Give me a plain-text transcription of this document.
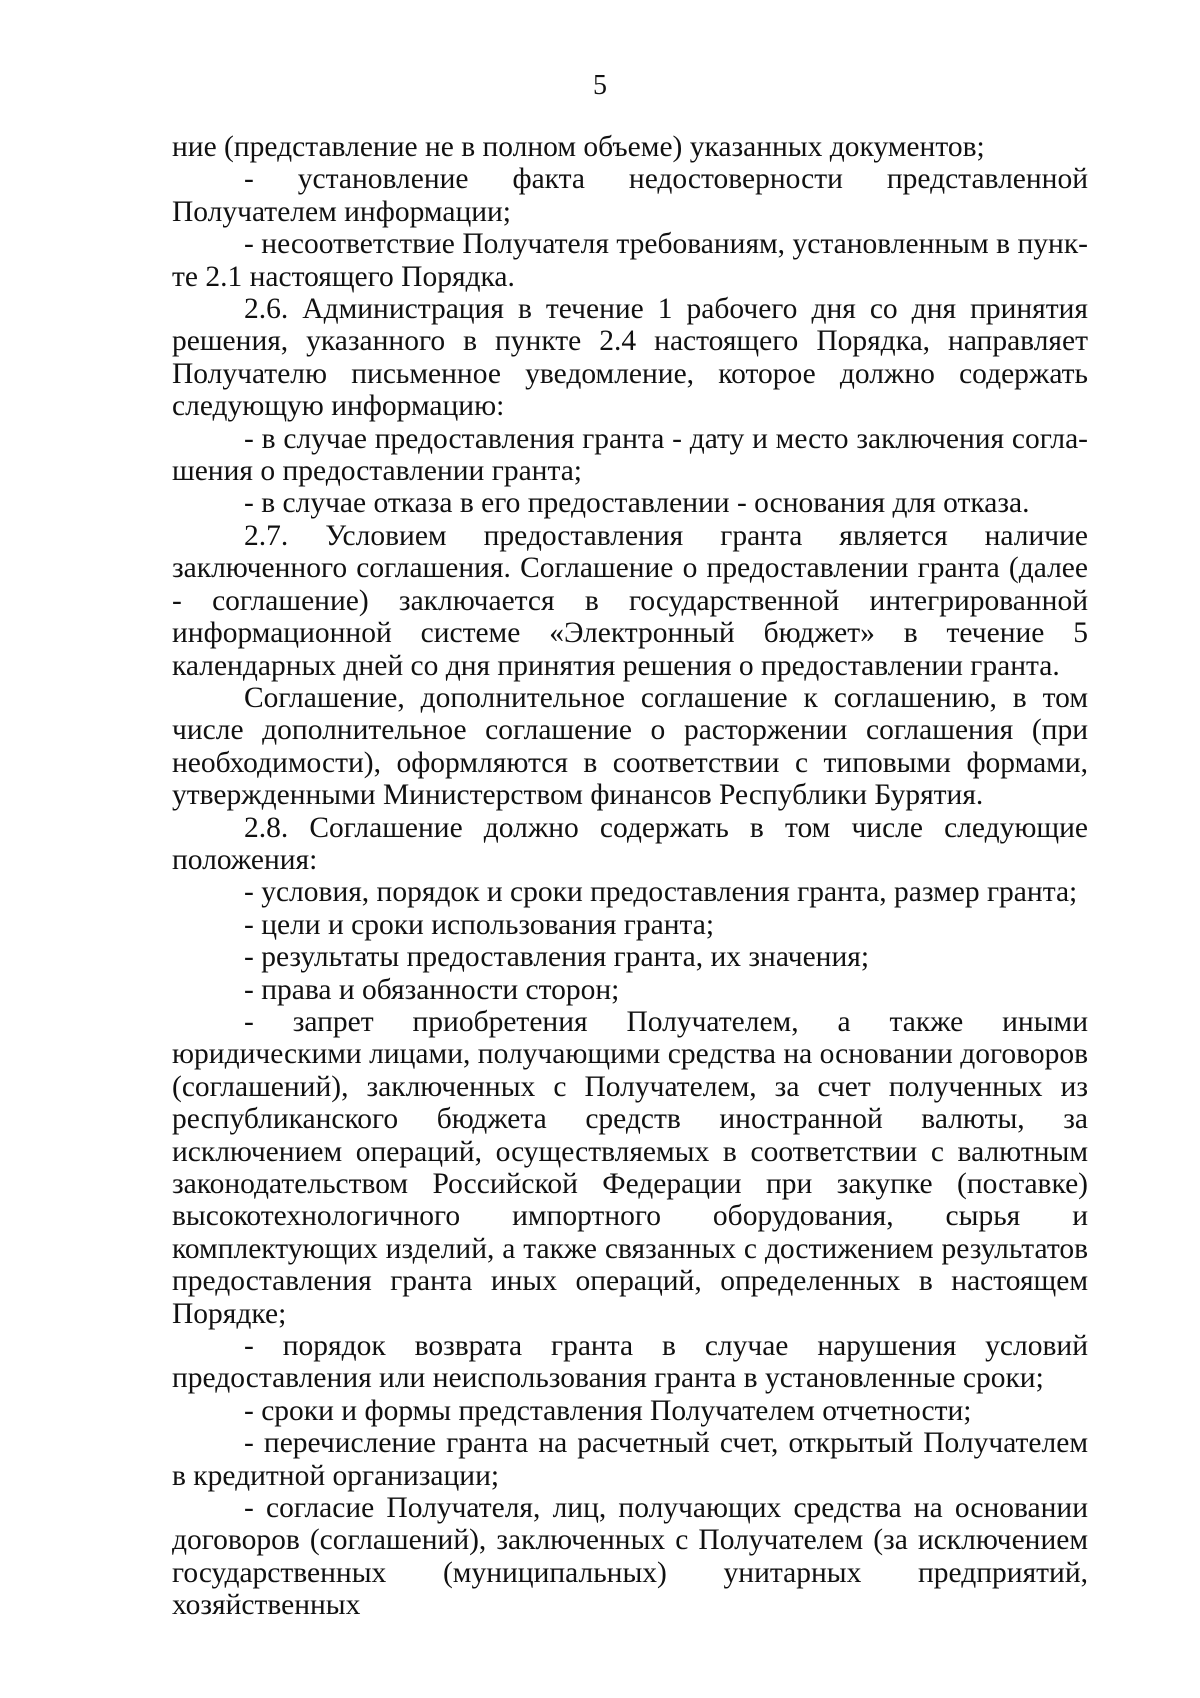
5

ние (представление не в полном объеме) указанных документов;

- установление факта недостоверности представленной Получателем информации;

- несоответствие Получателя требованиям, установленным в пункте 2.1 настоящего Порядка.

2.6. Администрация в течение 1 рабочего дня со дня принятия решения, указанного в пункте 2.4 настоящего Порядка, направляет Получателю письменное уведомление, которое должно содержать следующую информацию:

- в случае предоставления гранта - дату и место заключения соглашения о предоставлении гранта;

- в случае отказа в его предоставлении - основания для отказа.

2.7. Условием предоставления гранта является наличие заключенного соглашения. Соглашение о предоставлении гранта (далее - соглашение) заключается в государственной интегрированной информационной системе «Электронный бюджет» в течение 5 календарных дней со дня принятия решения о предоставлении гранта.

Соглашение, дополнительное соглашение к соглашению, в том числе дополнительное соглашение о расторжении соглашения (при необходимости), оформляются в соответствии с типовыми формами, утвержденными Министерством финансов Республики Бурятия.

2.8. Соглашение должно содержать в том числе следующие положения:

- условия, порядок и сроки предоставления гранта, размер гранта;

- цели и сроки использования гранта;

- результаты предоставления гранта, их значения;

- права и обязанности сторон;

- запрет приобретения Получателем, а также иными юридическими лицами, получающими средства на основании договоров (соглашений), заключенных с Получателем, за счет полученных из республиканского бюджета средств иностранной валюты, за исключением операций, осуществляемых в соответствии с валютным законодательством Российской Федерации при закупке (поставке) высокотехнологичного импортного оборудования, сырья и комплектующих изделий, а также связанных с достижением результатов предоставления гранта иных операций, определенных в настоящем Порядке;

- порядок возврата гранта в случае нарушения условий предоставления или неиспользования гранта в установленные сроки;

- сроки и формы представления Получателем отчетности;

- перечисление гранта на расчетный счет, открытый Получателем в кредитной организации;

- согласие Получателя, лиц, получающих средства на основании договоров (соглашений), заключенных с Получателем (за исключением государственных (муниципальных) унитарных предприятий, хозяйственных
